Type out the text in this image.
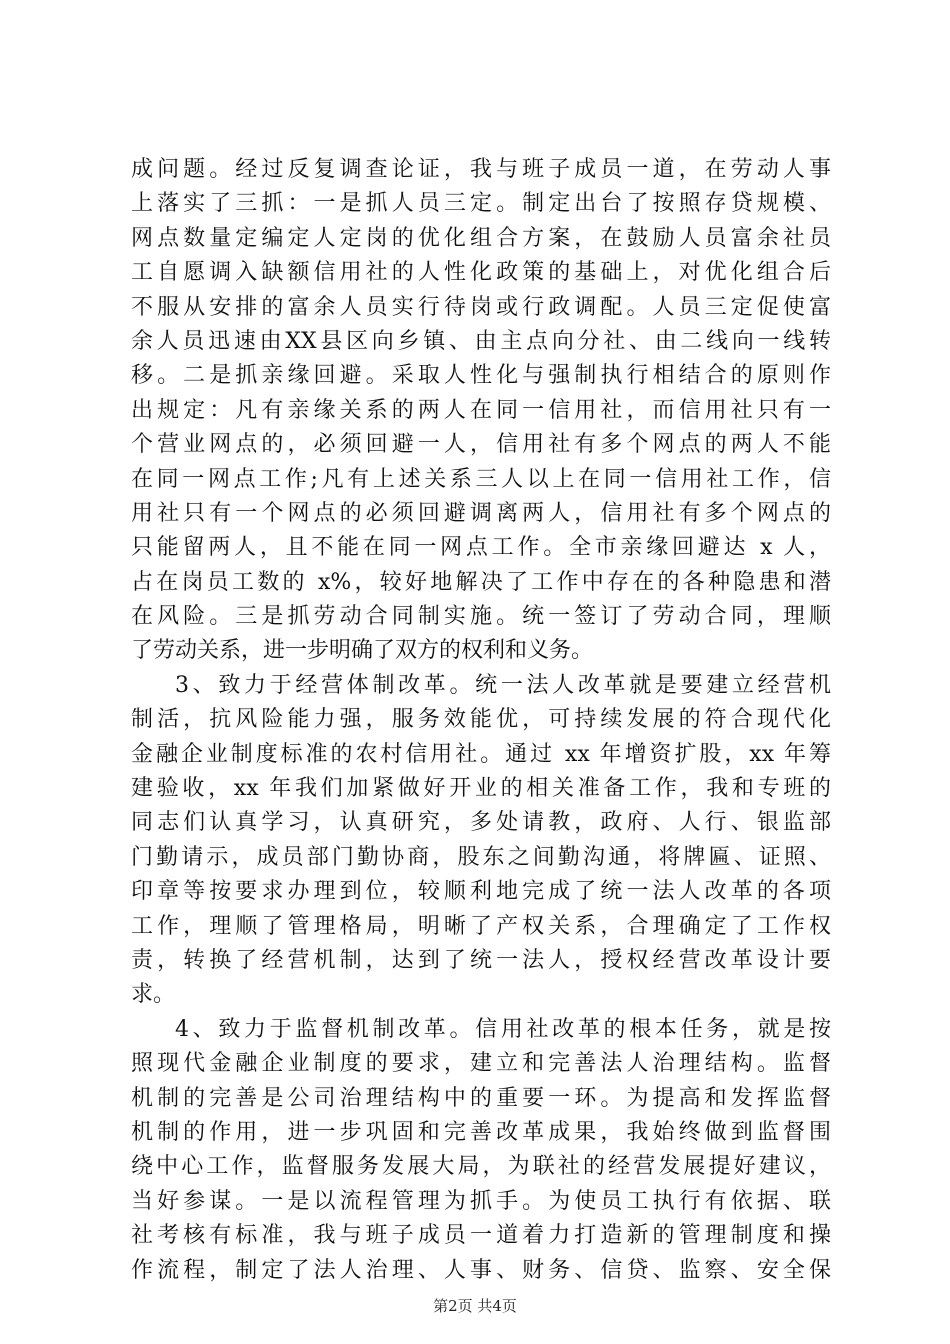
成问题。经过反复调查论证，我与班子成员一道，在劳动人事
上落实了三抓：一是抓人员三定。制定出台了按照存贷规模、
网点数量定编定人定岗的优化组合方案，在鼓励人员富余社员
工自愿调入缺额信用社的人性化政策的基础上，对优化组合后
不服从安排的富余人员实行待岗或行政调配。人员三定促使富
余人员迅速由XX县区向乡镇、由主点向分社、由二线向一线转
移。二是抓亲缘回避。采取人性化与强制执行相结合的原则作
出规定：凡有亲缘关系的两人在同一信用社，而信用社只有一
个营业网点的，必须回避一人，信用社有多个网点的两人不能
在同一网点工作;凡有上述关系三人以上在同一信用社工作，信
用社只有一个网点的必须回避调离两人，信用社有多个网点的
只能留两人，且不能在同一网点工作。全市亲缘回避达 x 人，
占在岗员工数的 x%，较好地解决了工作中存在的各种隐患和潜
在风险。三是抓劳动合同制实施。统一签订了劳动合同，理顺
了劳动关系，进一步明确了双方的权利和义务。
3、致力于经营体制改革。统一法人改革就是要建立经营机
制活，抗风险能力强，服务效能优，可持续发展的符合现代化
金融企业制度标准的农村信用社。通过 xx 年增资扩股，xx 年筹
建验收，xx 年我们加紧做好开业的相关准备工作，我和专班的
同志们认真学习，认真研究，多处请教，政府、人行、银监部
门勤请示，成员部门勤协商，股东之间勤沟通，将牌匾、证照、
印章等按要求办理到位，较顺利地完成了统一法人改革的各项
工作，理顺了管理格局，明晰了产权关系，合理确定了工作权
责，转换了经营机制，达到了统一法人，授权经营改革设计要
求。
4、致力于监督机制改革。信用社改革的根本任务，就是按
照现代金融企业制度的要求，建立和完善法人治理结构。监督
机制的完善是公司治理结构中的重要一环。为提高和发挥监督
机制的作用，进一步巩固和完善改革成果，我始终做到监督围
绕中心工作，监督服务发展大局，为联社的经营发展提好建议，
当好参谋。一是以流程管理为抓手。为使员工执行有依据、联
社考核有标准，我与班子成员一道着力打造新的管理制度和操
作流程，制定了法人治理、人事、财务、信贷、监察、安全保
第2页 共4页
